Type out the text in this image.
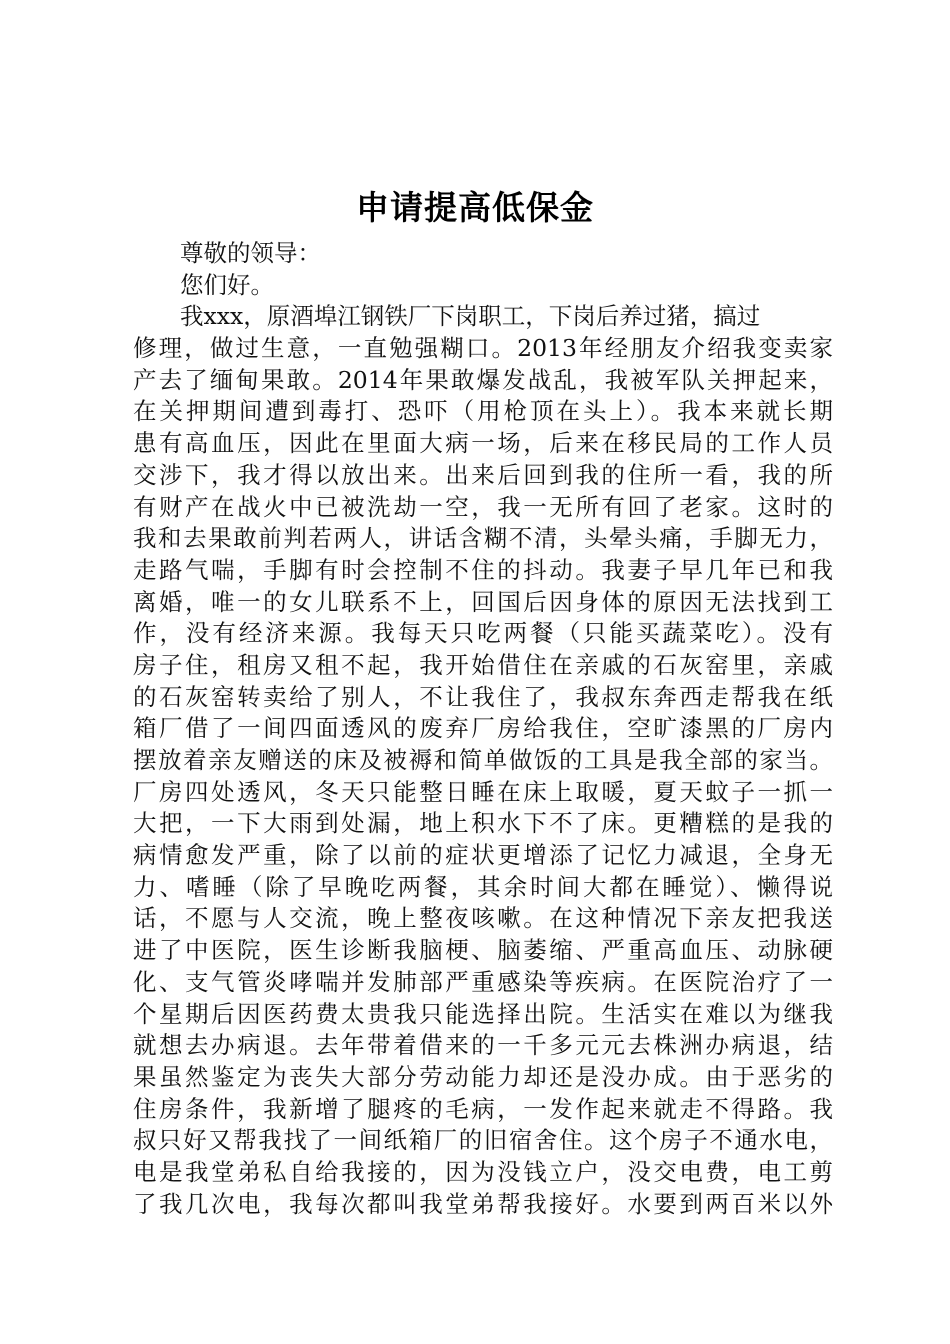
申请提高低保金
尊敬的领导：
您们好。
我xxx，原酒埠江钢铁厂下岗职工，下岗后养过猪，搞过
修理，做过生意，一直勉强糊口。2013年经朋友介绍我变卖家
产去了缅甸果敢。2014年果敢爆发战乱，我被军队关押起来，
在关押期间遭到毒打、恐吓（用枪顶在头上）。我本来就长期
患有高血压，因此在里面大病一场，后来在移民局的工作人员
交涉下，我才得以放出来。出来后回到我的住所一看，我的所
有财产在战火中已被洗劫一空，我一无所有回了老家。这时的
我和去果敢前判若两人，讲话含糊不清，头晕头痛，手脚无力，
走路气喘，手脚有时会控制不住的抖动。我妻子早几年已和我
离婚，唯一的女儿联系不上，回国后因身体的原因无法找到工
作，没有经济来源。我每天只吃两餐（只能买蔬菜吃）。没有
房子住，租房又租不起，我开始借住在亲戚的石灰窑里，亲戚
的石灰窑转卖给了别人，不让我住了，我叔东奔西走帮我在纸
箱厂借了一间四面透风的废弃厂房给我住，空旷漆黑的厂房内
摆放着亲友赠送的床及被褥和简单做饭的工具是我全部的家当。
厂房四处透风，冬天只能整日睡在床上取暖，夏天蚊子一抓一
大把，一下大雨到处漏，地上积水下不了床。更糟糕的是我的
病情愈发严重，除了以前的症状更增添了记忆力减退，全身无
力、嗜睡（除了早晚吃两餐，其余时间大都在睡觉）、懒得说
话，不愿与人交流，晚上整夜咳嗽。在这种情况下亲友把我送
进了中医院，医生诊断我脑梗、脑萎缩、严重高血压、动脉硬
化、支气管炎哮喘并发肺部严重感染等疾病。在医院治疗了一
个星期后因医药费太贵我只能选择出院。生活实在难以为继我
就想去办病退。去年带着借来的一千多元元去株洲办病退，结
果虽然鉴定为丧失大部分劳动能力却还是没办成。由于恶劣的
住房条件，我新增了腿疼的毛病，一发作起来就走不得路。我
叔只好又帮我找了一间纸箱厂的旧宿舍住。这个房子不通水电，
电是我堂弟私自给我接的，因为没钱立户，没交电费，电工剪
了我几次电，我每次都叫我堂弟帮我接好。水要到两百米以外
